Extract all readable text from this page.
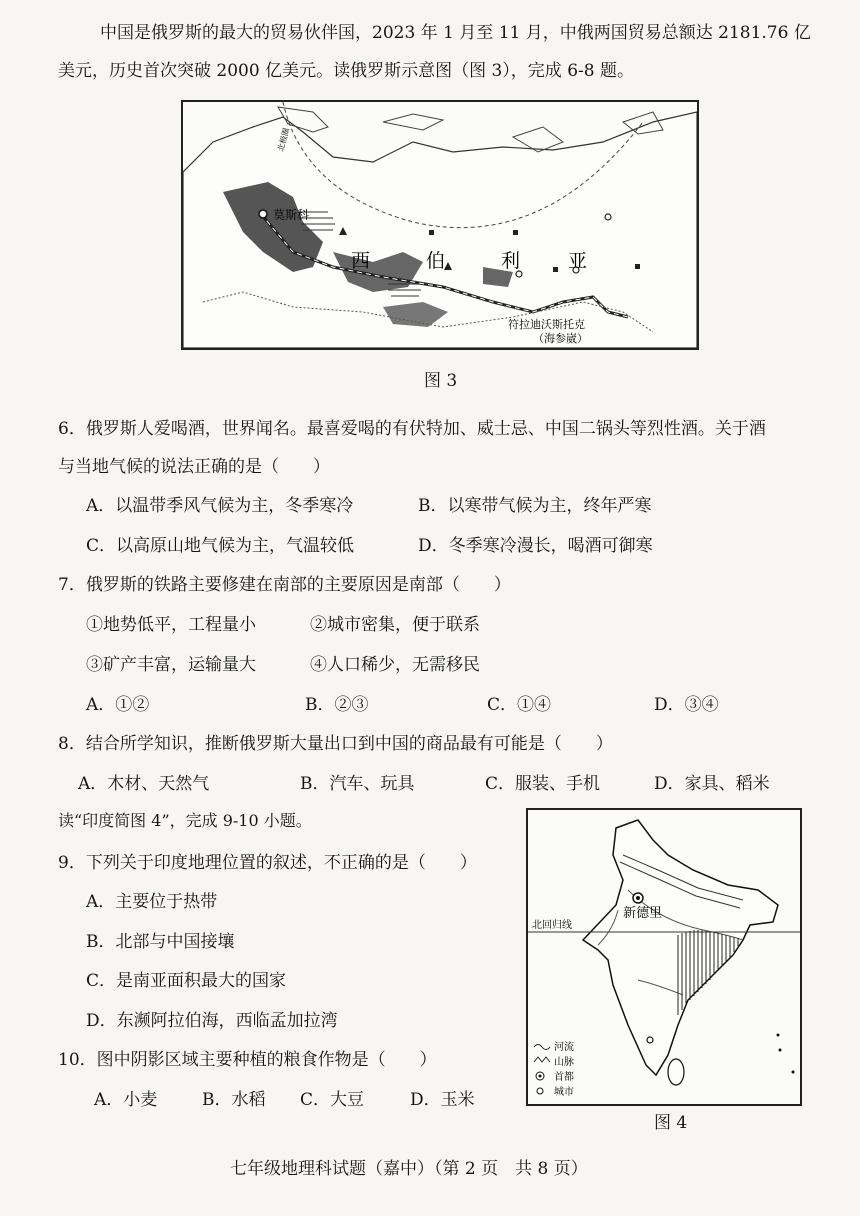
中国是俄罗斯的最大的贸易伙伴国，2023 年 1 月至 11 月，中俄两国贸易总额达 2181.76 亿
美元，历史首次突破 2000 亿美元。读俄罗斯示意图（图 3），完成 6-8 题。
莫斯科
西	伯	利	亚
符拉迪沃斯托克
（海参崴）
北极圈
图 3
6．俄罗斯人爱喝酒，世界闻名。最喜爱喝的有伏特加、威士忌、中国二锅头等烈性酒。关于酒
与当地气候的说法正确的是（　　）
A．以温带季风气候为主，冬季寒冷	B．以寒带气候为主，终年严寒
C．以高原山地气候为主，气温较低	D．冬季寒冷漫长，喝酒可御寒
7．俄罗斯的铁路主要修建在南部的主要原因是南部（　　）
①地势低平，工程量小	②城市密集，便于联系
③矿产丰富，运输量大	④人口稀少，无需移民
A．①②	B．②③	C．①④	D．③④
8．结合所学知识，推断俄罗斯大量出口到中国的商品最有可能是（　　）
A．木材、天然气	B．汽车、玩具	C．服装、手机	D．家具、稻米
读“印度简图 4”，完成 9-10 小题。
9．下列关于印度地理位置的叙述，不正确的是（　　）
A．主要位于热带
B．北部与中国接壤
C．是南亚面积最大的国家
D．东濒阿拉伯海，西临孟加拉湾
10．图中阴影区域主要种植的粮食作物是（　　）
A．小麦	B．水稻 C．大豆	D．玉米
新德里
北回归线
河流
山脉
首都
城市
图 4
七年级地理科试题（嘉中）（第 2 页　共 8 页）
